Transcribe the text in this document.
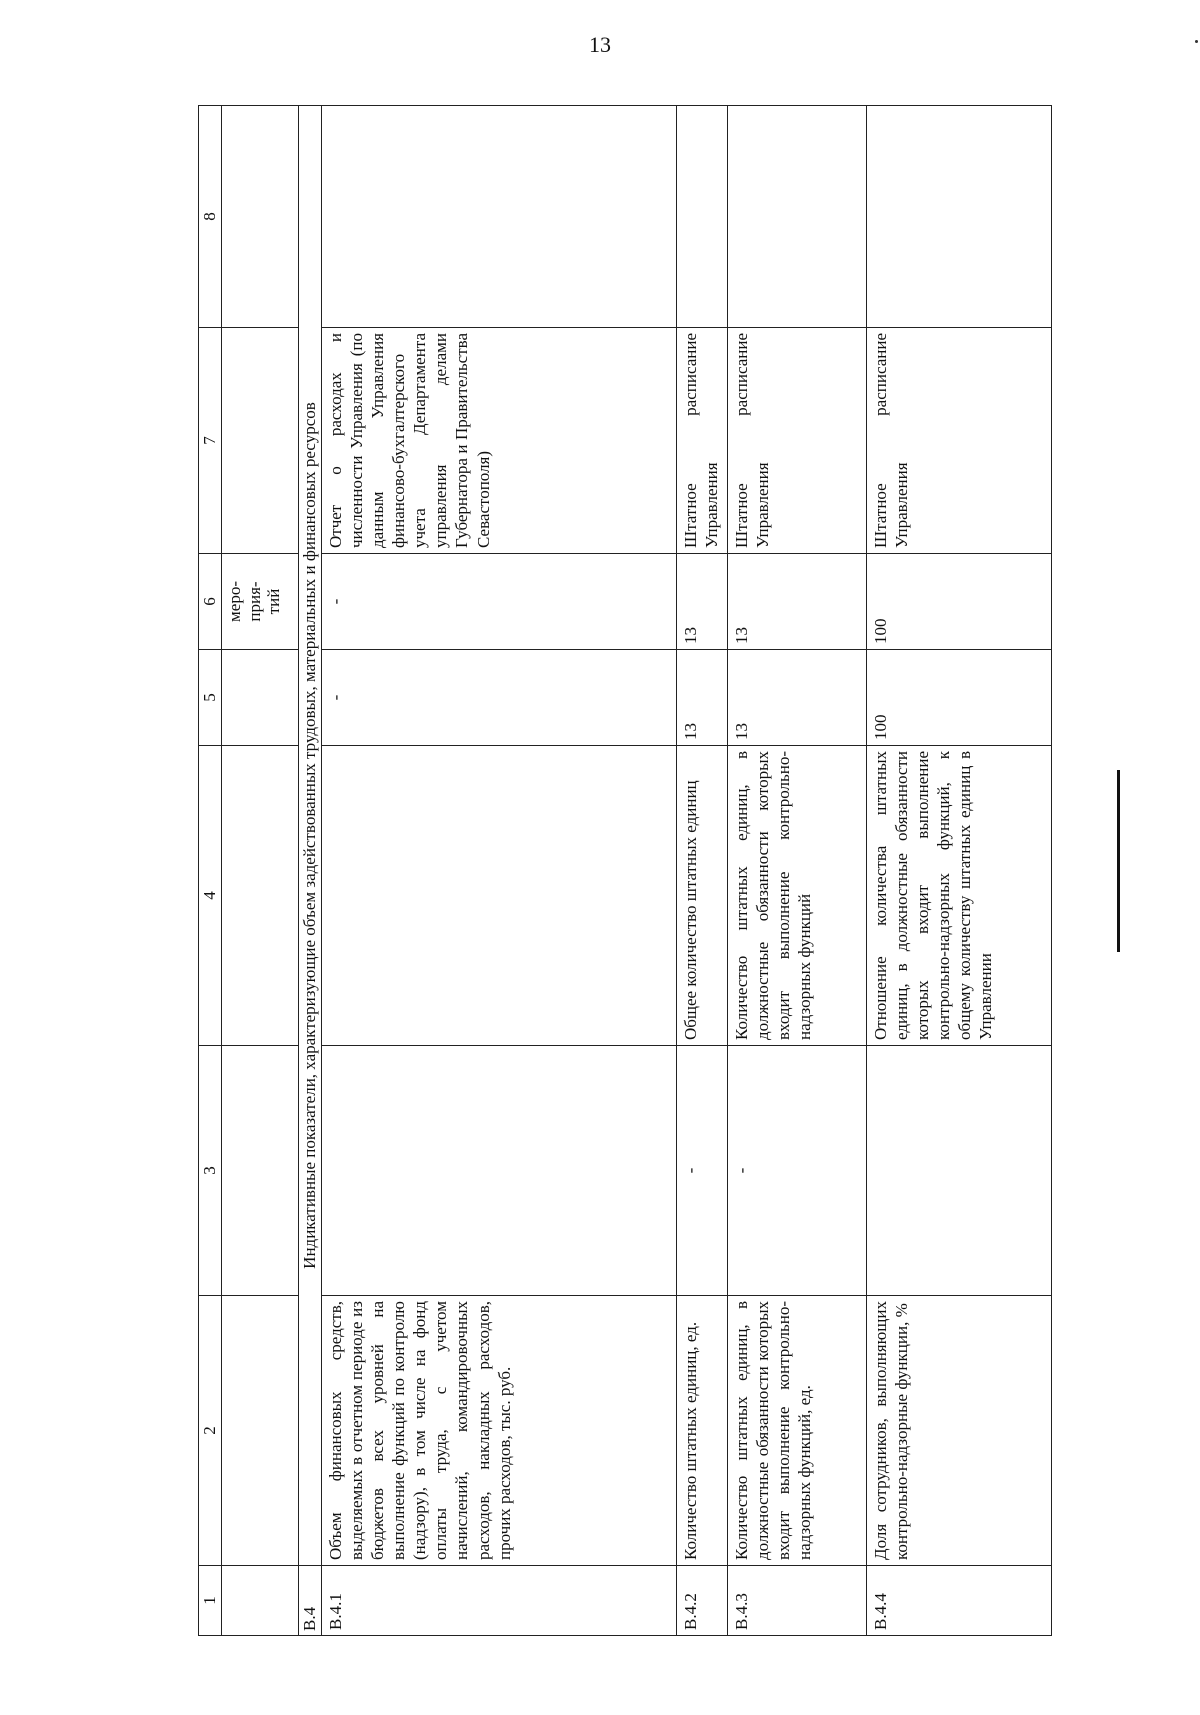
13
1	2	3	4	5	6	7	8

					меро- прия- тий		

В.4	Индикативные показатели, характеризующие объем задействованных трудовых, материальных и финансовых ресурсов						
В.4.1	Объем финансовых средств, выделяемых в отчетном периоде из бюджетов всех уровней на выполнение функций по контролю (надзору), в том числе на фонд оплаты труда, с учетом начислений, командировочных расходов, накладных расходов, прочих расходов, тыс. руб.			-	-	Отчет о расходах и численности Управления (по данным Управления финансово-бухгалтерского учета Департамента управления делами Губернатора и Правительства Севастополя)	
В.4.2	Количество штатных единиц, ед.	-	Общее количество штатных единиц	13	13	Штатное расписание Управления	
В.4.3	Количество штатных единиц, в должностные обязанности которых входит выполнение контрольно-надзорных функций, ед.	-	Количество штатных единиц, в должностные обязанности которых входит выполнение контрольно-надзорных функций	13	13	Штатное расписание Управления	
В.4.4	Доля сотрудников, выполняющих контрольно-надзорные функции, %		Отношение количества штатных единиц, в должностные обязанности которых входит выполнение контрольно-надзорных функций, к общему количеству штатных единиц в Управлении	100	100	Штатное расписание Управления	
